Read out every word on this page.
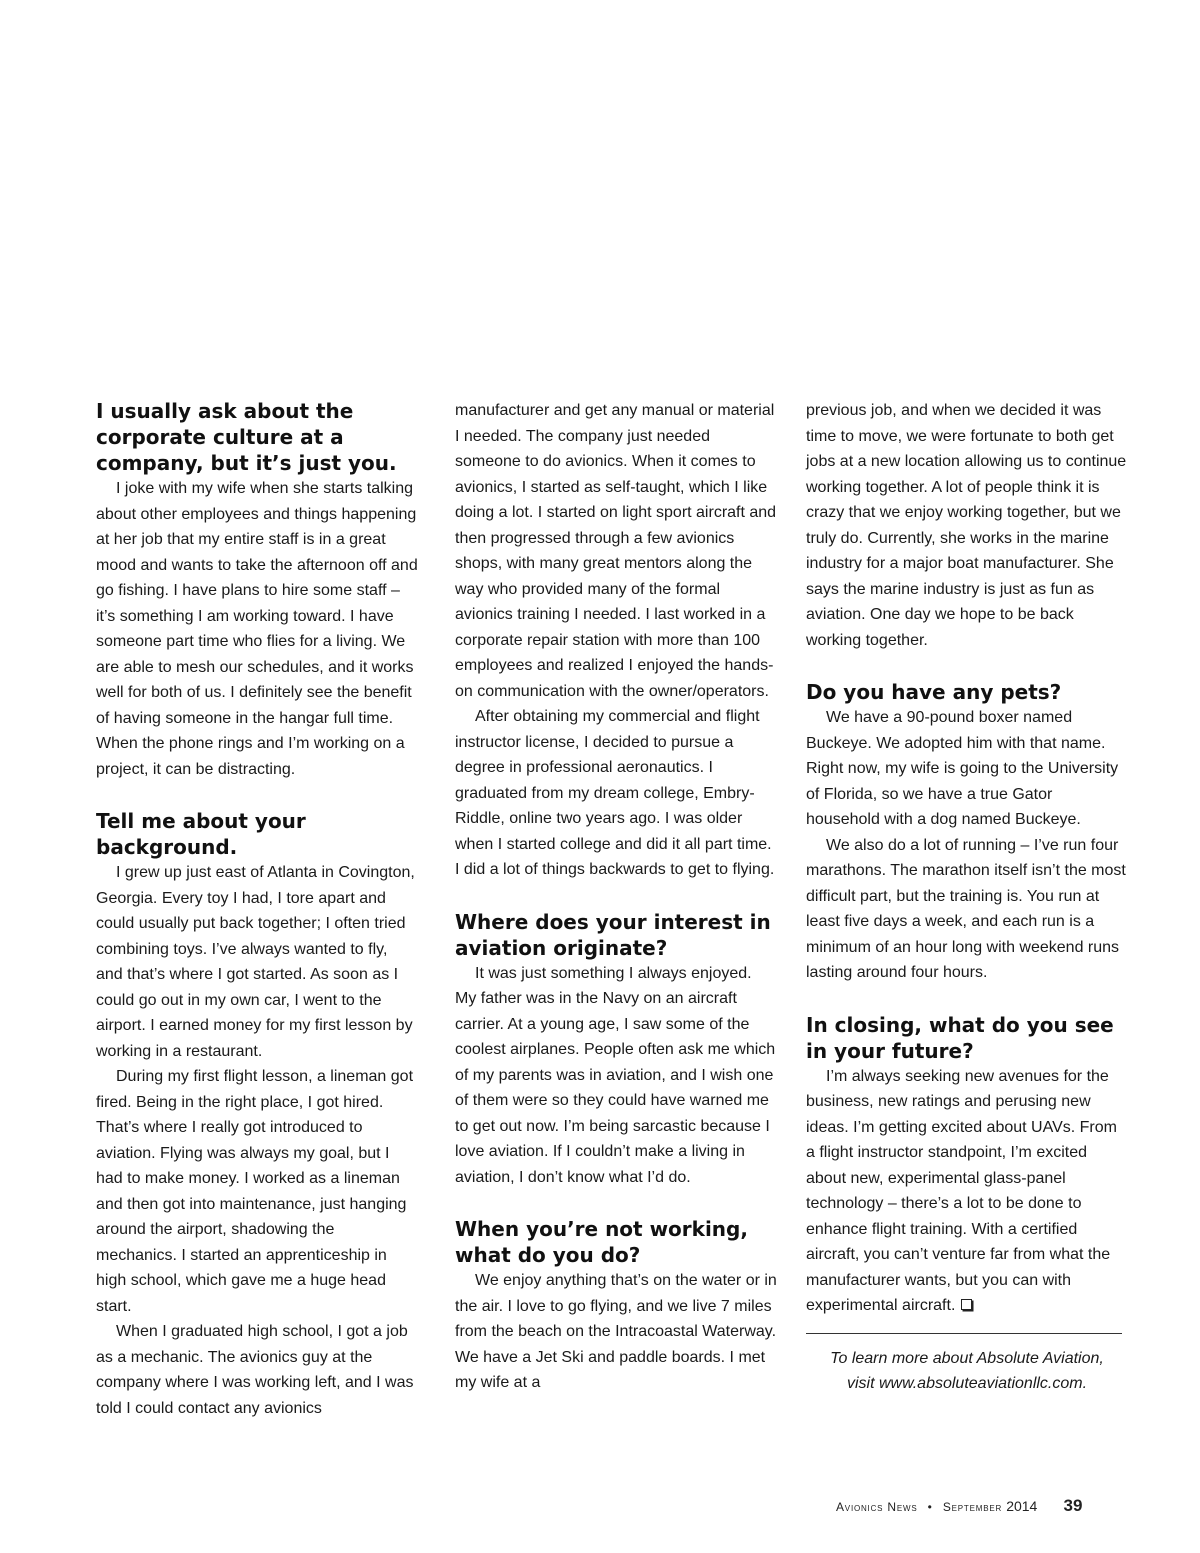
I usually ask about the corporate culture at a company, but it’s just you.

I joke with my wife when she starts talking about other employees and things happening at her job that my entire staff is in a great mood and wants to take the afternoon off and go fishing. I have plans to hire some staff – it’s something I am working toward. I have someone part time who flies for a living. We are able to mesh our schedules, and it works well for both of us. I definitely see the benefit of having someone in the hangar full time. When the phone rings and I’m working on a project, it can be distracting.

Tell me about your background.

I grew up just east of Atlanta in Covington, Georgia. Every toy I had, I tore apart and could usually put back together; I often tried combining toys. I’ve always wanted to fly, and that’s where I got started. As soon as I could go out in my own car, I went to the airport. I earned money for my first lesson by working in a restaurant.

During my first flight lesson, a lineman got fired. Being in the right place, I got hired. That’s where I really got introduced to aviation. Flying was always my goal, but I had to make money. I worked as a lineman and then got into maintenance, just hanging around the airport, shadowing the mechanics. I started an apprenticeship in high school, which gave me a huge head start.

When I graduated high school, I got a job as a mechanic. The avionics guy at the company where I was working left, and I was told I could contact any avionics

manufacturer and get any manual or material I needed. The company just needed someone to do avionics. When it comes to avionics, I started as self-taught, which I like doing a lot. I started on light sport aircraft and then progressed through a few avionics shops, with many great mentors along the way who provided many of the formal avionics training I needed. I last worked in a corporate repair station with more than 100 employees and realized I enjoyed the hands-on communication with the owner/operators.

After obtaining my commercial and flight instructor license, I decided to pursue a degree in professional aeronautics. I graduated from my dream college, Embry-Riddle, online two years ago. I was older when I started college and did it all part time. I did a lot of things backwards to get to flying.

Where does your interest in aviation originate?

It was just something I always enjoyed. My father was in the Navy on an aircraft carrier. At a young age, I saw some of the coolest airplanes. People often ask me which of my parents was in aviation, and I wish one of them were so they could have warned me to get out now. I’m being sarcastic because I love aviation. If I couldn’t make a living in aviation, I don’t know what I’d do.

When you’re not working, what do you do?

We enjoy anything that’s on the water or in the air. I love to go flying, and we live 7 miles from the beach on the Intracoastal Waterway. We have a Jet Ski and paddle boards. I met my wife at a

previous job, and when we decided it was time to move, we were fortunate to both get jobs at a new location allowing us to continue working together. A lot of people think it is crazy that we enjoy working together, but we truly do. Currently, she works in the marine industry for a major boat manufacturer. She says the marine industry is just as fun as aviation. One day we hope to be back working together.

Do you have any pets?

We have a 90-pound boxer named Buckeye. We adopted him with that name. Right now, my wife is going to the University of Florida, so we have a true Gator household with a dog named Buckeye.

We also do a lot of running – I’ve run four marathons. The marathon itself isn’t the most difficult part, but the training is. You run at least five days a week, and each run is a minimum of an hour long with weekend runs lasting around four hours.

In closing, what do you see in your future?

I’m always seeking new avenues for the business, new ratings and perusing new ideas. I’m getting excited about UAVs. From a flight instructor standpoint, I’m excited about new, experimental glass-panel technology – there’s a lot to be done to enhance flight training. With a certified aircraft, you can’t venture far from what the manufacturer wants, but you can with experimental aircraft.

To learn more about Absolute Aviation,

visit www.absoluteaviationllc.com.

Avionics News • September 2014 39
